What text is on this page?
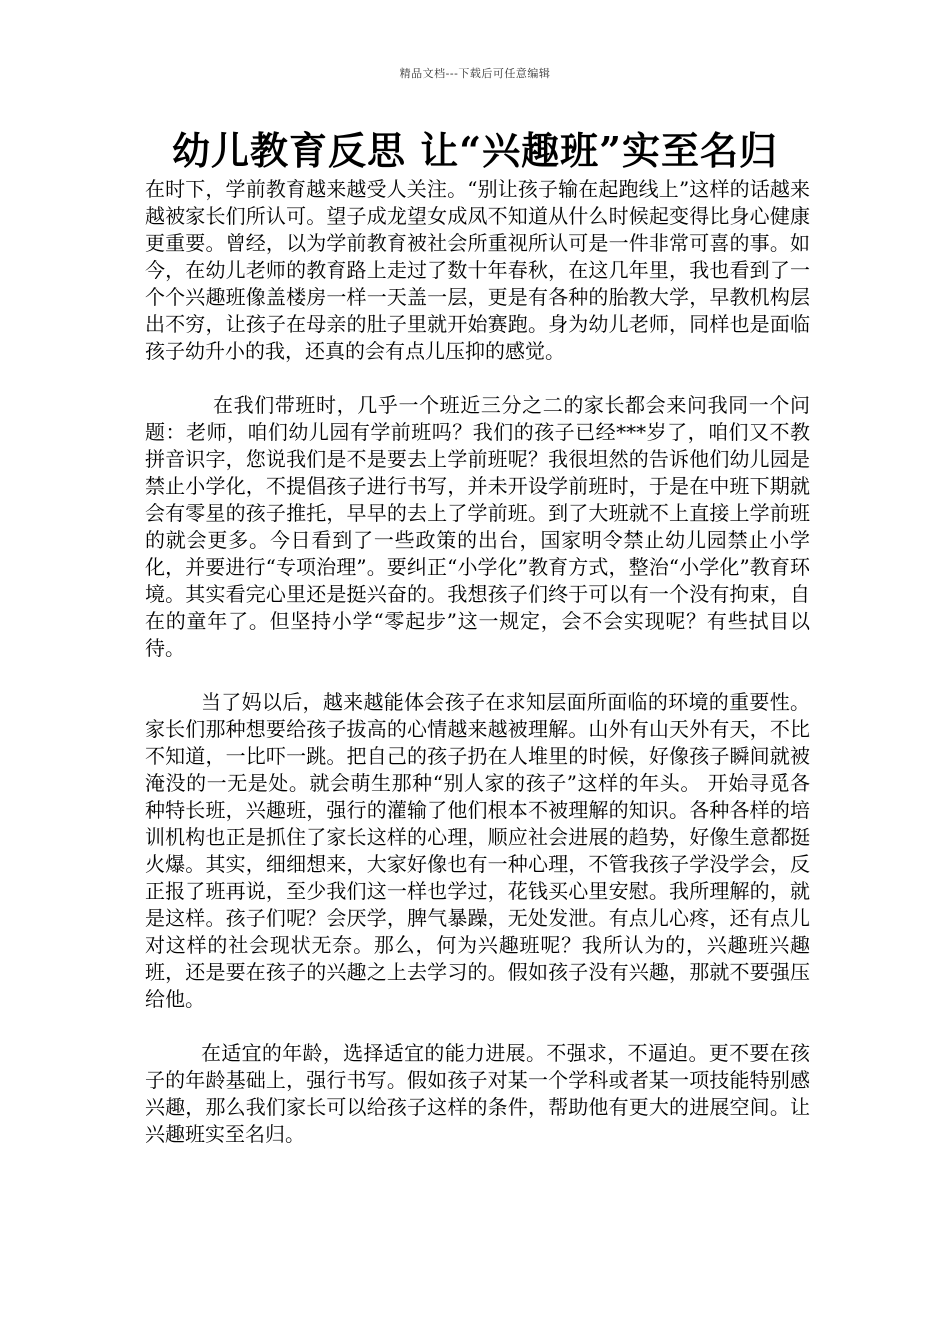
精品文档---下载后可任意编辑
幼儿教育反思 让“兴趣班”实至名归

在时下，学前教育越来越受人关注。“别让孩子输在起跑线上”这样的话越来越被家长们所认可。望子成龙望女成凤不知道从什么时候起变得比身心健康更重要。曾经，以为学前教育被社会所重视所认可是一件非常可喜的事。如今，在幼儿老师的教育路上走过了数十年春秋，在这几年里，我也看到了一个个兴趣班像盖楼房一样一天盖一层，更是有各种的胎教大学，早教机构层出不穷，让孩子在母亲的肚子里就开始赛跑。身为幼儿老师，同样也是面临孩子幼升小的我，还真的会有点儿压抑的感觉。

在我们带班时，几乎一个班近三分之二的家长都会来问我同一个问题：老师，咱们幼儿园有学前班吗？我们的孩子已经***岁了，咱们又不教拼音识字，您说我们是不是要去上学前班呢？我很坦然的告诉他们幼儿园是禁止小学化，不提倡孩子进行书写，并未开设学前班时，于是在中班下期就会有零星的孩子推托，早早的去上了学前班。到了大班就不上直接上学前班的就会更多。今日看到了一些政策的出台，国家明令禁止幼儿园禁止小学化，并要进行“专项治理”。要纠正“小学化”教育方式，整治“小学化”教育环境。其实看完心里还是挺兴奋的。我想孩子们终于可以有一个没有拘束，自在的童年了。但坚持小学“零起步”这一规定，会不会实现呢？有些拭目以待。

当了妈以后，越来越能体会孩子在求知层面所面临的环境的重要性。家长们那种想要给孩子拔高的心情越来越被理解。山外有山天外有天，不比不知道，一比吓一跳。把自己的孩子扔在人堆里的时候，好像孩子瞬间就被淹没的一无是处。就会萌生那种“别人家的孩子”这样的年头。 开始寻觅各种特长班，兴趣班，强行的灌输了他们根本不被理解的知识。各种各样的培训机构也正是抓住了家长这样的心理，顺应社会进展的趋势，好像生意都挺火爆。其实，细细想来，大家好像也有一种心理，不管我孩子学没学会，反正报了班再说，至少我们这一样也学过，花钱买心里安慰。我所理解的，就是这样。孩子们呢？会厌学，脾气暴躁，无处发泄。有点儿心疼，还有点儿对这样的社会现状无奈。那么，何为兴趣班呢？我所认为的，兴趣班兴趣班，还是要在孩子的兴趣之上去学习的。假如孩子没有兴趣，那就不要强压给他。

在适宜的年龄，选择适宜的能力进展。不强求，不逼迫。更不要在孩子的年龄基础上，强行书写。假如孩子对某一个学科或者某一项技能特别感兴趣，那么我们家长可以给孩子这样的条件，帮助他有更大的进展空间。让兴趣班实至名归。
